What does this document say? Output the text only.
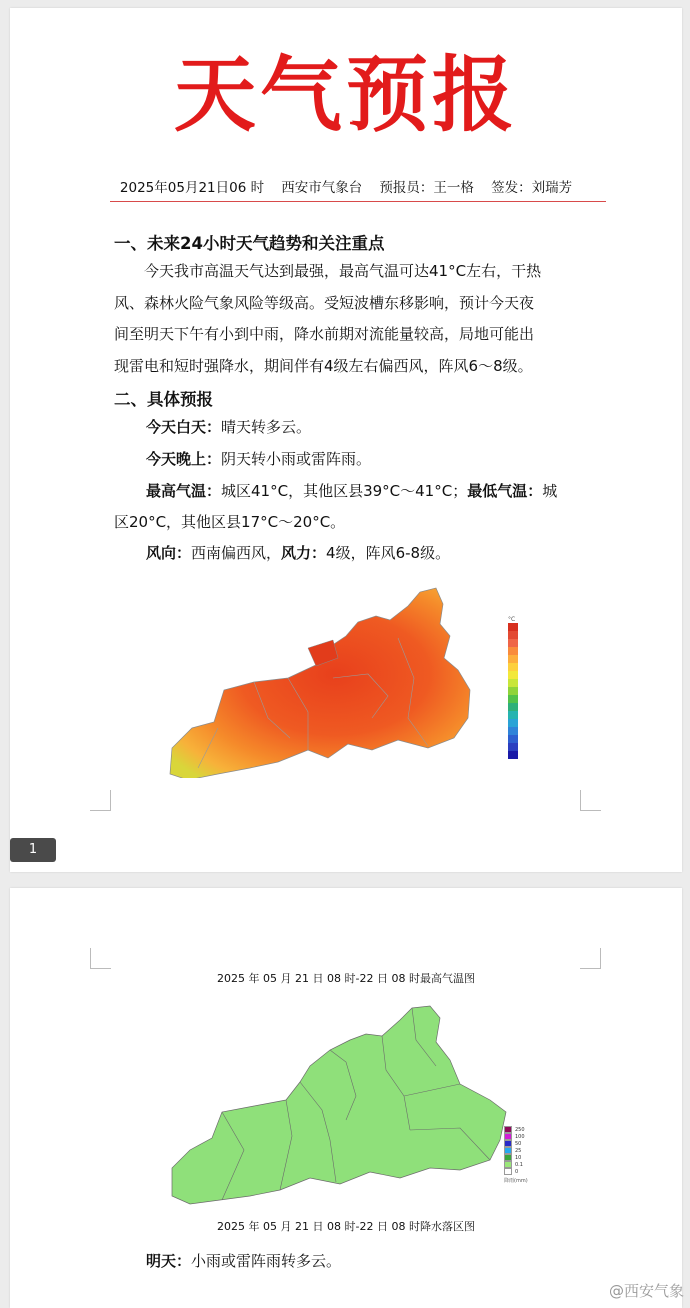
天气预报
2025年05月21日06 时    西安市气象台    预报员：王一格    签发：刘瑞芳
一、未来24小时天气趋势和关注重点
今天我市高温天气达到最强，最高气温可达41°C左右，干热
风、森林火险气象风险等级高。受短波槽东移影响，预计今天夜
间至明天下午有小到中雨，降水前期对流能量较高，局地可能出
现雷电和短时强降水，期间伴有4级左右偏西风，阵风6～8级。
二、具体预报
今天白天：晴天转多云。
今天晚上：阴天转小雨或雷阵雨。
最高气温：城区41°C，其他区县39°C～41°C；最低气温：城
区20°C，其他区县17°C～20°C。
风向：西南偏西风，风力：4级，阵风6-8级。
°C
1
2025 年 05 月 21 日 08 时-22 日 08 时最高气温图
250
100
50
25
10
0.1
0
降雨(mm)
2025 年 05 月 21 日 08 时-22 日 08 时降水落区图
明天：小雨或雷阵雨转多云。
@西安气象
